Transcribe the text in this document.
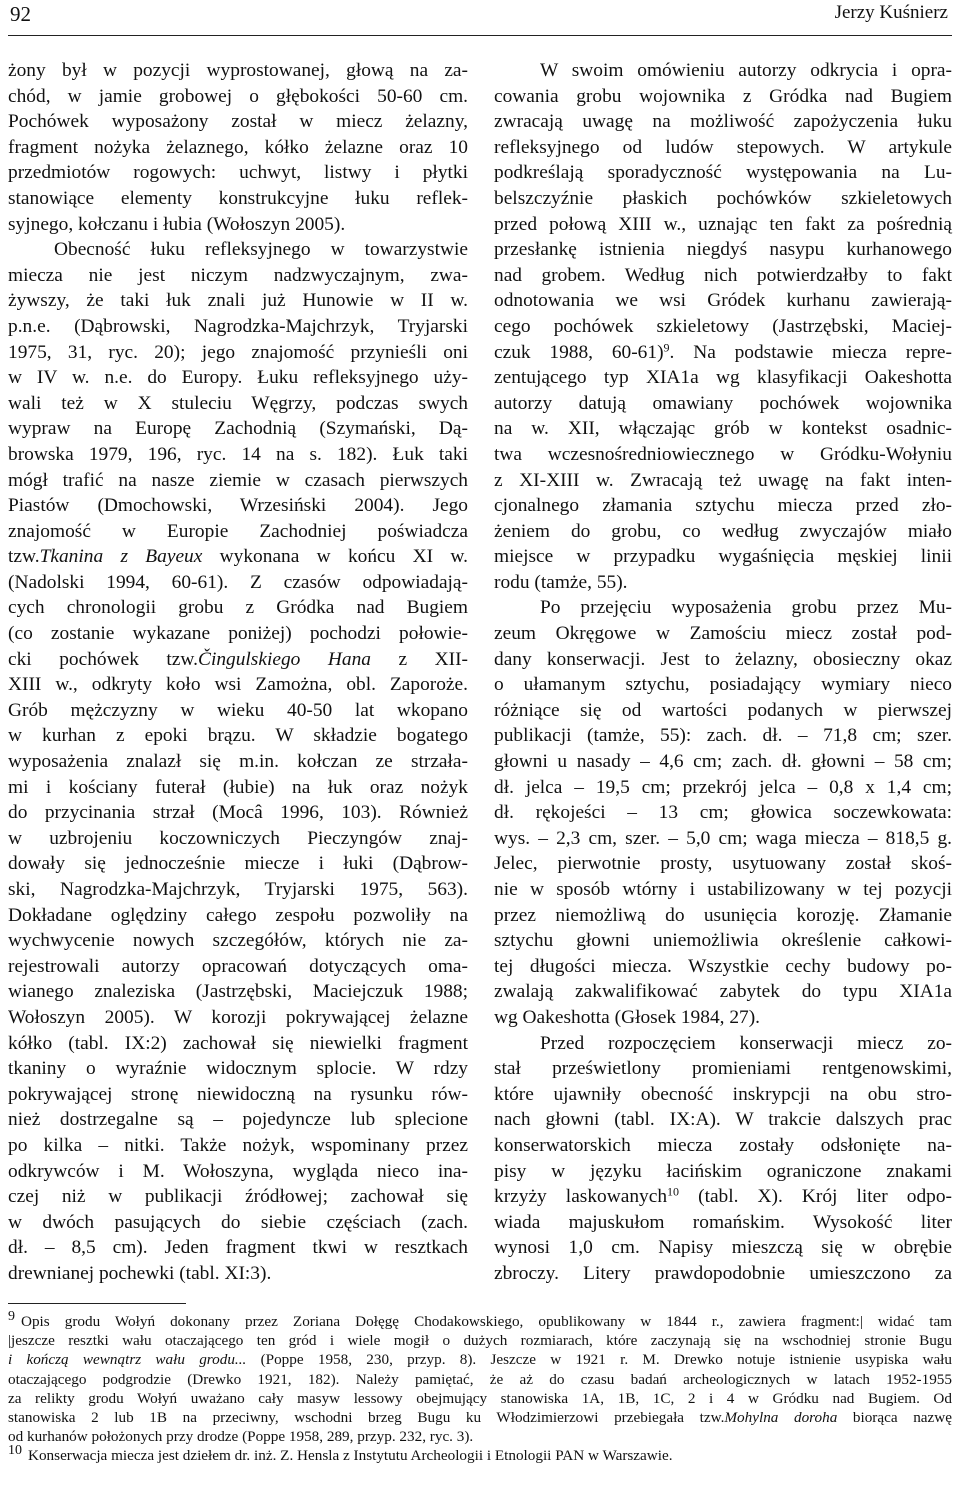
92	Jerzy Kuśnierz

żony był w pozycji wyprostowanej, głową na za-

chód, w jamie grobowej o głębokości 50-60 cm.

Pochówek wyposażony został w miecz żelazny,

fragment nożyka żelaznego, kółko żelazne oraz 10

przedmiotów rogowych: uchwyt, listwy i płytki

stanowiące elementy konstrukcyjne łuku reflek-

syjnego, kołczanu i łubia (Wołoszyn 2005).

Obecność łuku refleksyjnego w towarzystwie

miecza nie jest niczym nadzwyczajnym, zwa-

żywszy, że taki łuk znali już Hunowie w II w.

p.n.e. (Dąbrowski, Nagrodzka-Majchrzyk, Tryjarski

1975, 31, ryc. 20); jego znajomość przynieśli oni

w IV w. n.e. do Europy. Łuku refleksyjnego uży-

wali też w X stuleciu Węgrzy, podczas swych

wypraw na Europę Zachodnią (Szymański, Dą-

browska 1979, 196, ryc. 14 na s. 182). Łuk taki

mógł trafić na nasze ziemie w czasach pierwszych

Piastów (Dmochowski, Wrzesiński 2004). Jego

znajomość w Europie Zachodniej poświadcza

tzw.Tkanina z Bayeux wykonana w końcu XI w.

(Nadolski 1994, 60-61). Z czasów odpowiadają-

cych chronologii grobu z Gródka nad Bugiem

(co zostanie wykazane poniżej) pochodzi połowie-

cki pochówek tzw.Čingulskiego Hana z XII-

XIII w., odkryty koło wsi Zamożna, obl. Zaporoże.

Grób mężczyzny w wieku 40-50 lat wkopano

w kurhan z epoki brązu. W składzie bogatego

wyposażenia znalazł się m.in. kołczan ze strzała-

mi i kościany futerał (łubie) na łuk oraz nożyk

do przycinania strzał (Mocâ 1996, 103). Również

w uzbrojeniu koczowniczych Pieczyngów znaj-

dowały się jednocześnie miecze i łuki (Dąbrow-

ski, Nagrodzka-Majchrzyk, Tryjarski 1975, 563).

Dokładane oględziny całego zespołu pozwoliły na

wychwycenie nowych szczegółów, których nie za-

rejestrowali autorzy opracowań dotyczących oma-

wianego znaleziska (Jastrzębski, Maciejczuk 1988;

Wołoszyn 2005). W korozji pokrywającej żelazne

kółko (tabl. IX:2) zachował się niewielki fragment

tkaniny o wyraźnie widocznym splocie. W rdzy

pokrywającej stronę niewidoczną na rysunku rów-

nież dostrzegalne są – pojedyncze lub splecione

po kilka – nitki. Także nożyk, wspominany przez

odkrywców i M. Wołoszyna, wygląda nieco ina-

czej niż w publikacji źródłowej; zachował się

w dwóch pasujących do siebie częściach (zach.

dł. – 8,5 cm). Jeden fragment tkwi w resztkach

drewnianej pochewki (tabl. XI:3).

W swoim omówieniu autorzy odkrycia i opra-

cowania grobu wojownika z Gródka nad Bugiem

zwracają uwagę na możliwość zapożyczenia łuku

refleksyjnego od ludów stepowych. W artykule

podkreślają sporadyczność występowania na Lu-

belszczyźnie płaskich pochówków szkieletowych

przed połową XIII w., uznając ten fakt za pośrednią

przesłankę istnienia niegdyś nasypu kurhanowego

nad grobem. Według nich potwierdzałby to fakt

odnotowania we wsi Gródek kurhanu zawierają-

cego pochówek szkieletowy (Jastrzębski, Maciej-

czuk 1988, 60-61)$^9$. Na podstawie miecza repre-

zentującego typ XIA1a wg klasyfikacji Oakeshotta

autorzy datują omawiany pochówek wojownika

na w. XII, włączając grób w kontekst osadnic-

twa wczesnośredniowiecznego w Gródku-Wołyniu

z XI-XIII w. Zwracają też uwagę na fakt inten-

cjonalnego złamania sztychu miecza przed zło-

żeniem do grobu, co według zwyczajów miało

miejsce w przypadku wygaśnięcia męskiej linii

rodu (tamże, 55).

Po przejęciu wyposażenia grobu przez Mu-

zeum Okręgowe w Zamościu miecz został pod-

dany konserwacji. Jest to żelazny, obosieczny okaz

o ułamanym sztychu, posiadający wymiary nieco

różniące się od wartości podanych w pierwszej

publikacji (tamże, 55): zach. dł. – 71,8 cm; szer.

głowni u nasady – 4,6 cm; zach. dł. głowni – 58 cm;

dł. jelca – 19,5 cm; przekrój jelca – 0,8 x 1,4 cm;

dł. rękojeści – 13 cm; głowica soczewkowata:

wys. – 2,3 cm, szer. – 5,0 cm; waga miecza – 818,5 g.

Jelec, pierwotnie prosty, usytuowany został skoś-

nie w sposób wtórny i ustabilizowany w tej pozycji

przez niemożliwą do usunięcia korozję. Złamanie

sztychu głowni uniemożliwia określenie całkowi-

tej długości miecza. Wszystkie cechy budowy po-

zwalają zakwalifikować zabytek do typu XIA1a

wg Oakeshotta (Głosek 1984, 27).

Przed rozpoczęciem konserwacji miecz zo-

stał prześwietlony promieniami rentgenowskimi,

które ujawniły obecność inskrypcji na obu stro-

nach głowni (tabl. IX:A). W trakcie dalszych prac

konserwatorskich miecza zostały odsłonięte na-

pisy w języku łacińskim ograniczone znakami

krzyży laskowanych$^{10}$ (tabl. X). Krój liter odpo-

wiada majuskułom romańskim. Wysokość liter

wynosi 1,0 cm. Napisy mieszczą się w obrębie

zbroczy. Litery prawdopodobnie umieszczono za

$^9$ Opis grodu Wołyń dokonany przez Zoriana Dołęgę Chodakowskiego, opublikowany w 1844 r., zawiera fragment:| widać tam

|jeszcze resztki wału otaczającego ten gród i wiele mogił o dużych rozmiarach, które zaczynają się na wschodniej stronie Bugu

i kończą wewnątrz wału grodu... (Poppe 1958, 230, przyp. 8). Jeszcze w 1921 r. M. Drewko notuje istnienie usypiska wału

otaczającego podgrodzie (Drewko 1921, 182). Należy pamiętać, że aż do czasu badań archeologicznych w latach 1952-1955

za relikty grodu Wołyń uważano cały masyw lessowy obejmujący stanowiska 1A, 1B, 1C, 2 i 4 w Gródku nad Bugiem. Od

stanowiska 2 lub 1B na przeciwny, wschodni brzeg Bugu ku Włodzimierzowi przebiegała tzw.Mohylna doroha biorąca nazwę

od kurhanów położonych przy drodze (Poppe 1958, 289, przyp. 232, ryc. 3).

$^{10}$ Konserwacja miecza jest dziełem dr. inż. Z. Hensla z Instytutu Archeologii i Etnologii PAN w Warszawie.
